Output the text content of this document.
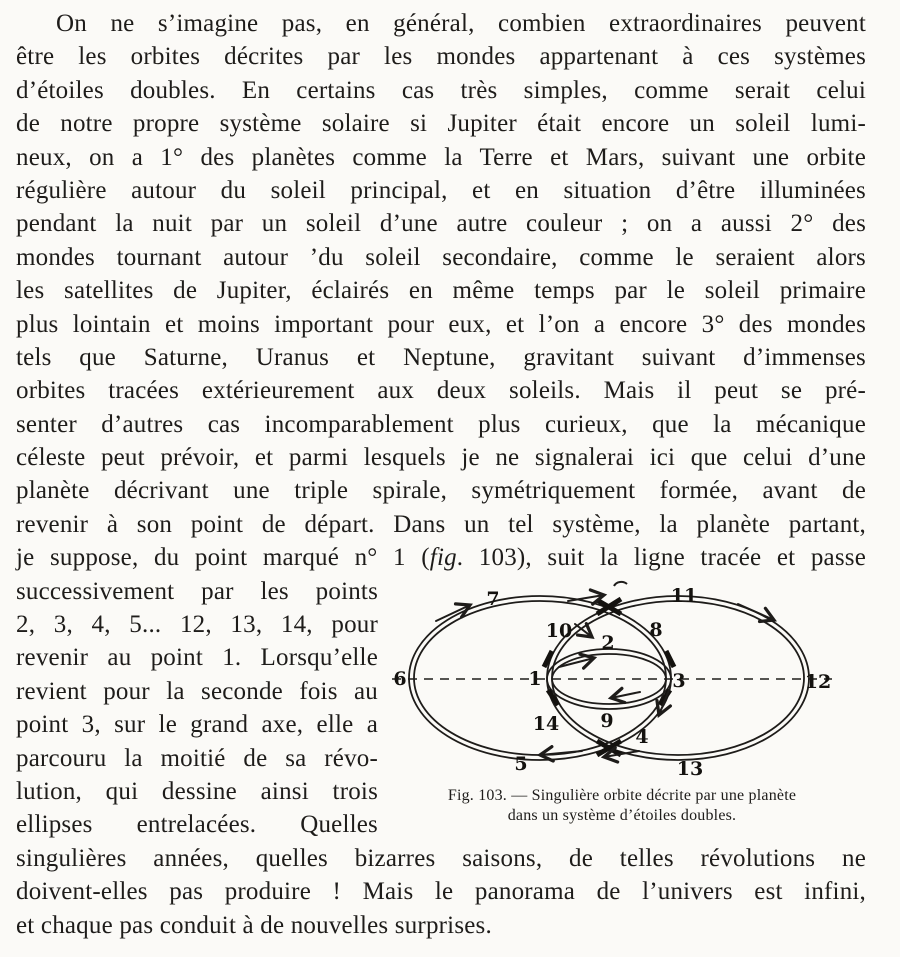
On ne s’imagine pas, en général, combien extraordinaires peuvent
être les orbites décrites par les mondes appartenant à ces systèmes
d’étoiles doubles. En certains cas très simples, comme serait celui
de notre propre système solaire si Jupiter était encore un soleil lumi-
neux, on a 1° des planètes comme la Terre et Mars, suivant une orbite
régulière autour du soleil principal, et en situation d’être illuminées
pendant la nuit par un soleil d’une autre couleur ; on a aussi 2° des
mondes tournant autour ’du soleil secondaire, comme le seraient alors
les satellites de Jupiter, éclairés en même temps par le soleil primaire
plus lointain et moins important pour eux, et l’on a encore 3° des mondes
tels que Saturne, Uranus et Neptune, gravitant suivant d’immenses
orbites tracées extérieurement aux deux soleils. Mais il peut se pré-
senter d’autres cas incomparablement plus curieux, que la mécanique
céleste peut prévoir, et parmi lesquels je ne signalerai ici que celui d’une
planète décrivant une triple spirale, symétriquement formée, avant de
revenir à son point de départ. Dans un tel système, la planète partant,
je suppose, du point marqué n° 1 (fig. 103), suit la ligne tracée et passe
successivement par les points
2, 3, 4, 5... 12, 13, 14, pour
revenir au point 1. Lorsqu’elle
revient pour la seconde fois au
point 3, sur le grand axe, elle a
parcouru la moitié de sa révo-
lution, qui dessine ainsi trois
ellipses entrelacées. Quelles
6	12
7	11
5	13
1	3
2
9
10	8
14
4
Fig. 103. — Singulière orbite décrite par une planète
dans un système d’étoiles doubles.
singulières années, quelles bizarres saisons, de telles révolutions ne
doivent-elles pas produire ! Mais le panorama de l’univers est infini,
et chaque pas conduit à de nouvelles surprises.
